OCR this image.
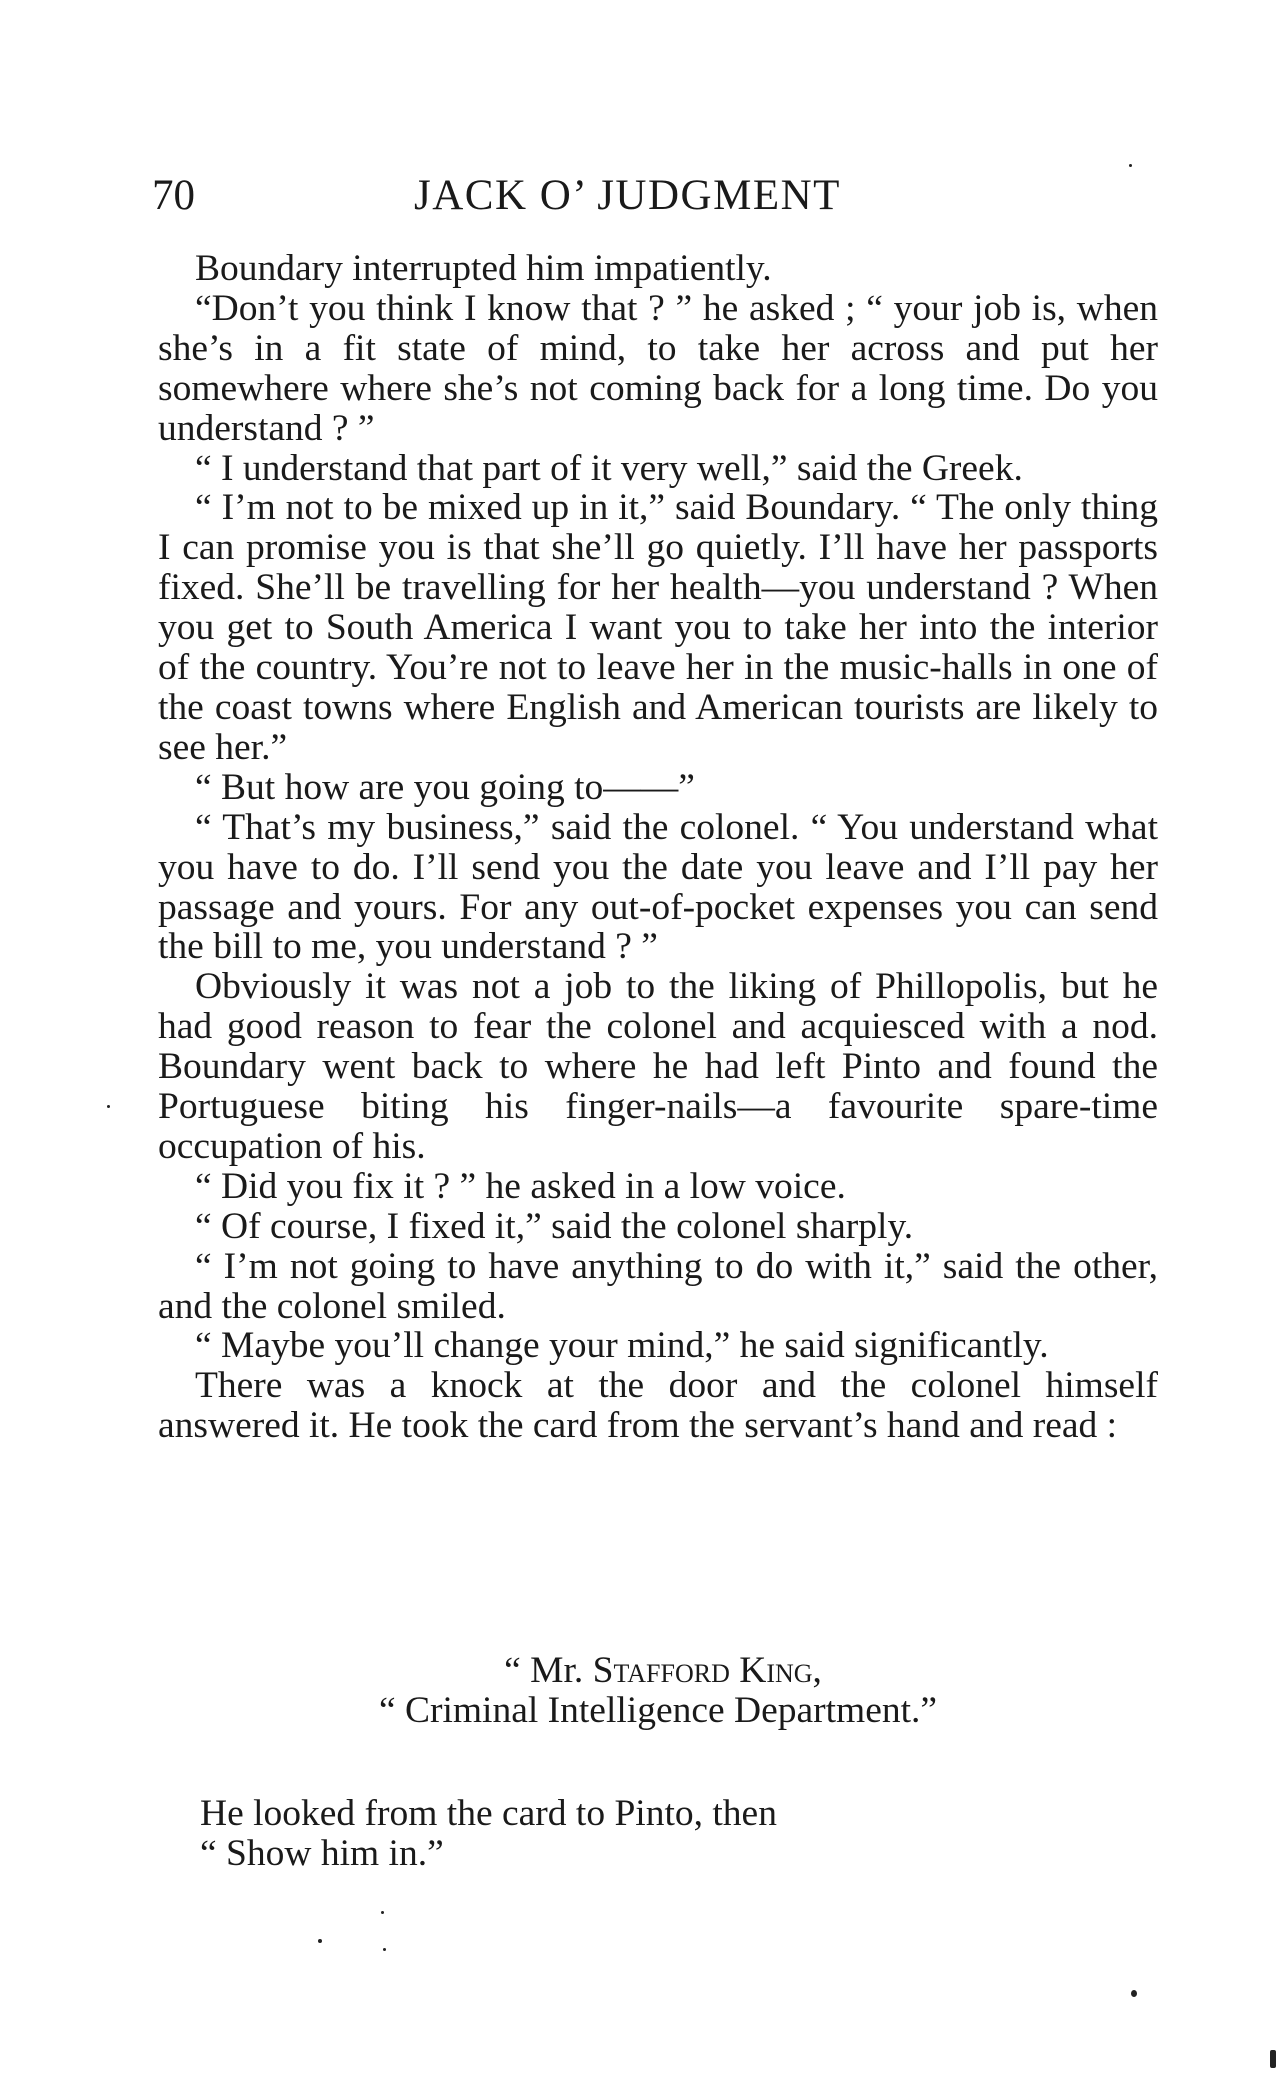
70	JACK O’ JUDGMENT

Boundary interrupted him impatiently.

“Don’t you think I know that ? ” he asked ; “ your job is, when she’s in a fit state of mind, to take her across and put her somewhere where she’s not coming back for a long time. Do you understand ? ”

“ I understand that part of it very well,” said the Greek.

“ I’m not to be mixed up in it,” said Boundary. “ The only thing I can promise you is that she’ll go quietly. I’ll have her passports fixed. She’ll be travelling for her health—you understand ? When you get to South America I want you to take her into the interior of the country. You’re not to leave her in the music-halls in one of the coast towns where English and American tourists are likely to see her.”

“ But how are you going to——”

“ That’s my business,” said the colonel. “ You understand what you have to do. I’ll send you the date you leave and I’ll pay her passage and yours. For any out-of-pocket expenses you can send the bill to me, you understand ? ”

Obviously it was not a job to the liking of Phillopolis, but he had good reason to fear the colonel and acquiesced with a nod. Boundary went back to where he had left Pinto and found the Portuguese biting his finger-nails—a favourite spare-time occupation of his.

“ Did you fix it ? ” he asked in a low voice.

“ Of course, I fixed it,” said the colonel sharply.

“ I’m not going to have anything to do with it,” said the other, and the colonel smiled.

“ Maybe you’ll change your mind,” he said significantly.

There was a knock at the door and the colonel himself answered it. He took the card from the servant’s hand and read :

“ Mr. Stafford King,
“ Criminal Intelligence Department.”

He looked from the card to Pinto, then

“ Show him in.”
